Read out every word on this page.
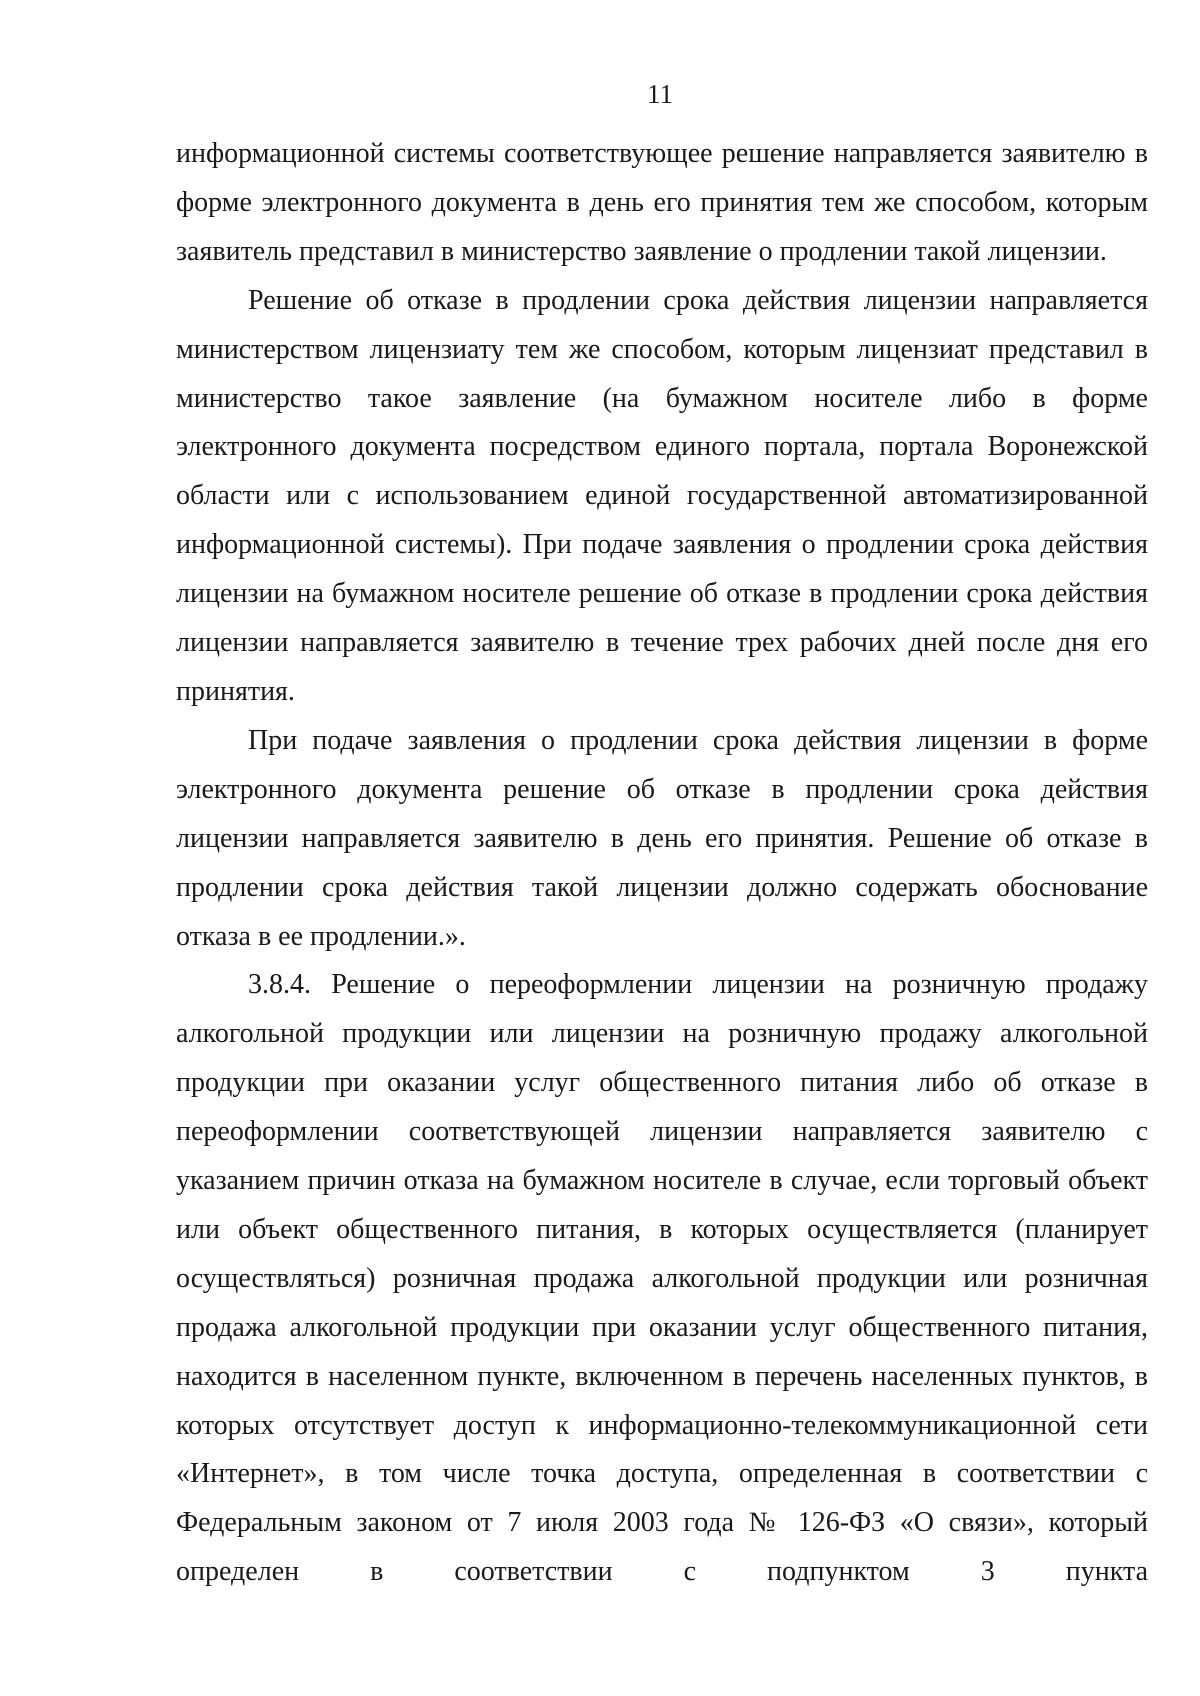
11

информационной системы соответствующее решение направляется заявителю в форме электронного документа в день его принятия тем же способом, которым заявитель представил в министерство заявление о продлении такой лицензии.

Решение об отказе в продлении срока действия лицензии направляется министерством лицензиату тем же способом, которым лицензиат представил в министерство такое заявление (на бумажном носителе либо в форме электронного документа посредством единого портала, портала Воронежской области или с использованием единой государственной автоматизированной информационной системы). При подаче заявления о продлении срока действия лицензии на бумажном носителе решение об отказе в продлении срока действия лицензии направляется заявителю в течение трех рабочих дней после дня его принятия.

При подаче заявления о продлении срока действия лицензии в форме электронного документа решение об отказе в продлении срока действия лицензии направляется заявителю в день его принятия. Решение об отказе в продлении срока действия такой лицензии должно содержать обоснование отказа в ее продлении.».

3.8.4. Решение о переоформлении лицензии на розничную продажу алкогольной продукции или лицензии на розничную продажу алкогольной продукции при оказании услуг общественного питания либо об отказе в переоформлении соответствующей лицензии направляется заявителю с указанием причин отказа на бумажном носителе в случае, если торговый объект или объект общественного питания, в которых осуществляется (планирует осуществляться) розничная продажа алкогольной продукции или розничная продажа алкогольной продукции при оказании услуг общественного питания, находится в населенном пункте, включенном в перечень населенных пунктов, в которых отсутствует доступ к информационно-телекоммуникационной сети «Интернет», в том числе точка доступа, определенная в соответствии с Федеральным законом от 7 июля 2003 года № 126-ФЗ «О связи», который определен в соответствии с подпунктом 3 пункта
